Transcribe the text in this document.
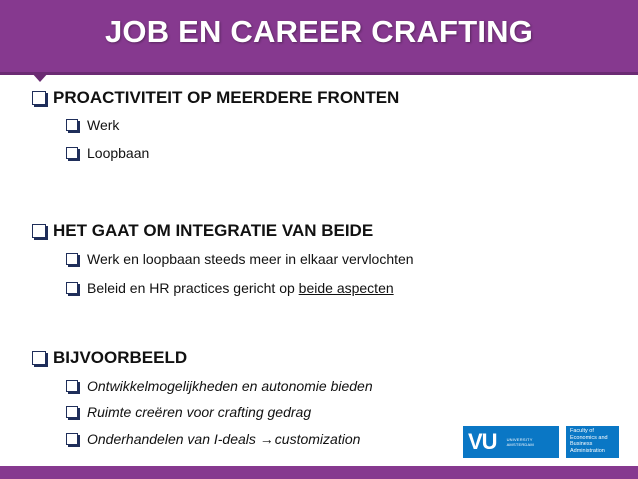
JOB EN CAREER CRAFTING
PROACTIVITEIT OP MEERDERE FRONTEN
Werk
Loopbaan
HET GAAT OM INTEGRATIE VAN BEIDE
Werk en loopbaan steeds meer in elkaar vervlochten
Beleid en HR practices gericht op beide aspecten
BIJVOORBEELD
Ontwikkelmogelijkheden en autonomie bieden
Ruimte creëren voor crafting gedrag
Onderhandelen van I-deals →customization	VU	UNIVERSITY
AMSTERDAM
Faculty of
Economics and
Business
Administration
